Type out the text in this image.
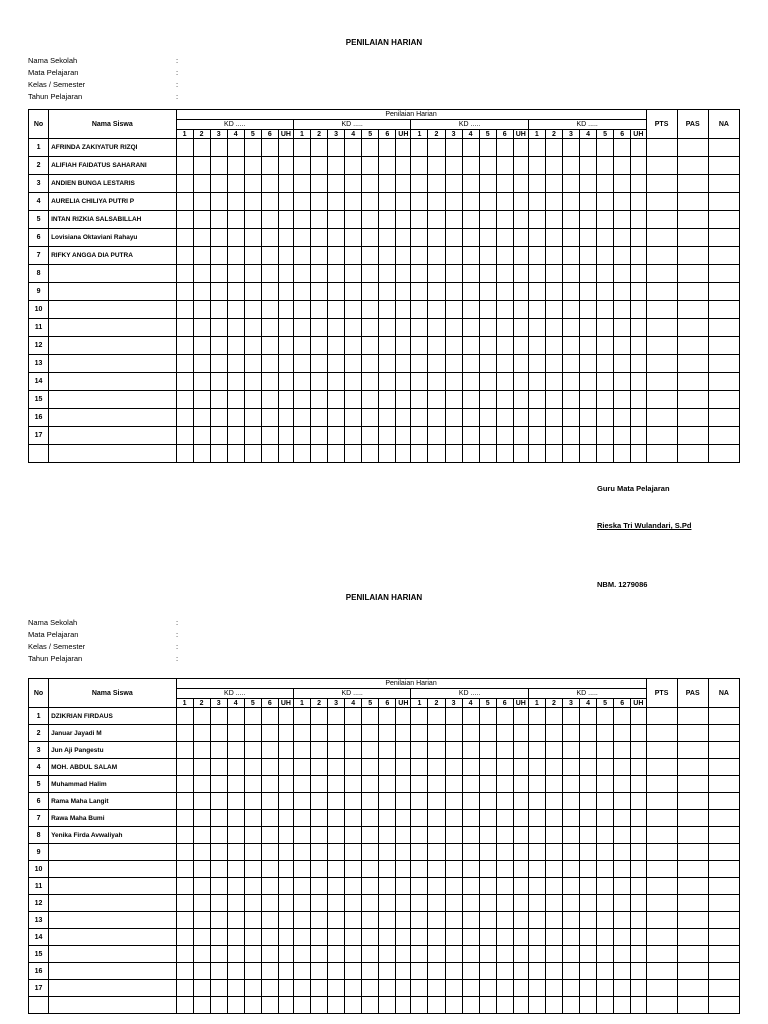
PENILAIAN HARIAN
Nama Sekolah	:
Mata Pelajaran	:
Kelas / Semester	:
Tahun Pelajaran	:
No	Nama Siswa	Penilaian Harian																												PTS	PAS	NA
		KD .....							KD .....							KD .....							KD .....									
		1	2	3	4	5	6	UH	1	2	3	4	5	6	UH	1	2	3	4	5	6	UH	1	2	3	4	5	6	UH			
1	AFRINDA ZAKIYATUR RIZQI																															
2	ALIFIAH FAIDATUS SAHARANI																															
3	ANDIEN BUNGA LESTARIS																															
4	AURELIA CHILIYA PUTRI P																															
5	INTAN RIZKIA SALSABILLAH																															
6	Lovisiana Oktaviani Rahayu																															
7	RIFKY ANGGA DIA PUTRA																															
8																																
9																																
10																																
11																																
12																																
13																																
14																																
15																																
16																																
17																																

Guru Mata Pelajaran
Rieska Tri Wulandari, S.Pd
NBM. 1279086
PENILAIAN HARIAN
Nama Sekolah	:
Mata Pelajaran	:
Kelas / Semester	:
Tahun Pelajaran	:
No	Nama Siswa	Penilaian Harian																												PTS	PAS	NA
		KD .....							KD .....							KD .....							KD .....									
		1	2	3	4	5	6	UH	1	2	3	4	5	6	UH	1	2	3	4	5	6	UH	1	2	3	4	5	6	UH			
1	DZIKRIAN FIRDAUS																															
2	Januar Jayadi M																															
3	Jun Aji Pangestu																															
4	MOH. ABDUL SALAM																															
5	Muhammad Halim																															
6	Rama Maha Langit																															
7	Rawa Maha Bumi																															
8	Yenika Firda Avwaliyah																															
9																																
10																																
11																																
12																																
13																																
14																																
15																																
16																																
17																																
